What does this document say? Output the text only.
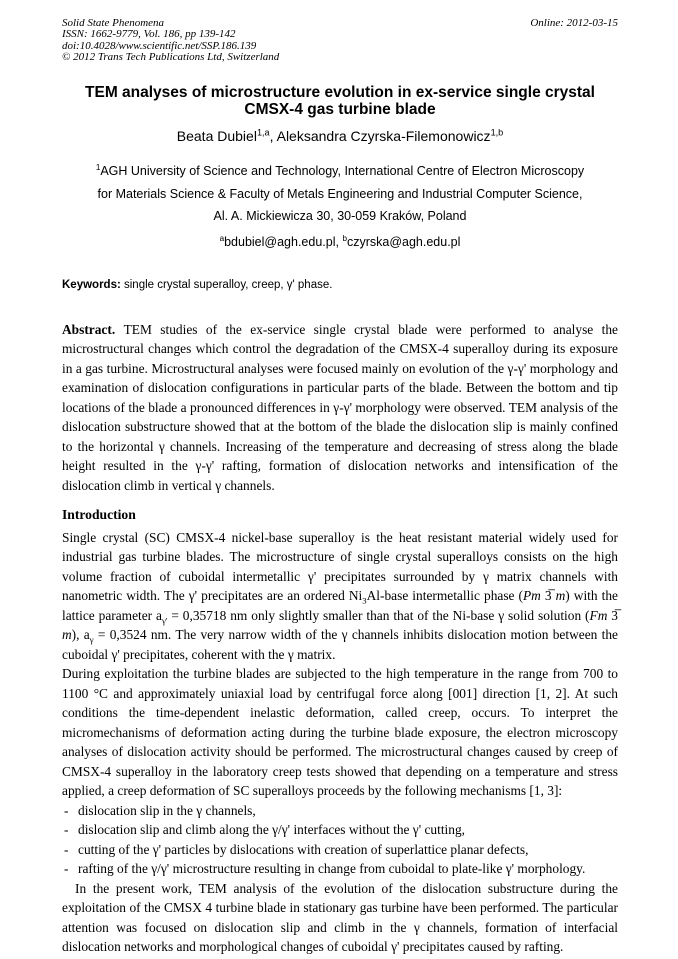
Solid State Phenomena
ISSN: 1662-9779, Vol. 186, pp 139-142
doi:10.4028/www.scientific.net/SSP.186.139
© 2012 Trans Tech Publications Ltd, Switzerland
Online: 2012-03-15
TEM analyses of microstructure evolution in ex-service single crystal
CMSX-4 gas turbine blade
Beata Dubiel$^{1,a}$, Aleksandra Czyrska-Filemonowicz$^{1,b}$
$^1$AGH University of Science and Technology, International Centre of Electron Microscopy
for Materials Science & Faculty of Metals Engineering and Industrial Computer Science,
Al. A. Mickiewicza 30, 30-059 Kraków, Poland
$^a$bdubiel@agh.edu.pl, $^b$czyrska@agh.edu.pl
Keywords: single crystal superalloy, creep, γ' phase.

Abstract. TEM studies of the ex-service single crystal blade were performed to analyse the microstructural changes which control the degradation of the CMSX-4 superalloy during its exposure in a gas turbine. Microstructural analyses were focused mainly on evolution of the γ-γ' morphology and examination of dislocation configurations in particular parts of the blade. Between the bottom and tip locations of the blade a pronounced differences in γ-γ' morphology were observed. TEM analysis of the dislocation substructure showed that at the bottom of the blade the dislocation slip is mainly confined to the horizontal γ channels. Increasing of the temperature and decreasing of stress along the blade height resulted in the γ-γ' rafting, formation of dislocation networks and intensification of the dislocation climb in vertical γ channels.

Introduction

Single crystal (SC) CMSX-4 nickel-base superalloy is the heat resistant material widely used for industrial gas turbine blades. The microstructure of single crystal superalloys consists on the high volume fraction of cuboidal intermetallic γ' precipitates surrounded by γ matrix channels with nanometric width. The γ' precipitates are an ordered $Ni_3Al$-base intermetallic phase (Pm 3̅ m) with the lattice parameter $a_{\gamma'} = 0,35718$ nm only slightly smaller than that of the Ni-base γ solid solution (Fm 3̅ m), $a_\gamma = 0,3524$ nm. The very narrow width of the γ channels inhibits dislocation motion between the cuboidal γ' precipitates, coherent with the γ matrix.

During exploitation the turbine blades are subjected to the high temperature in the range from 700 to 1100 °C and approximately uniaxial load by centrifugal force along [001] direction [1, 2]. At such conditions the time-dependent inelastic deformation, called creep, occurs. To interpret the micromechanisms of deformation acting during the turbine blade exposure, the electron microscopy analyses of dislocation activity should be performed. The microstructural changes caused by creep of CMSX-4 superalloy in the laboratory creep tests showed that depending on a temperature and stress applied, a creep deformation of SC superalloys proceeds by the following mechanisms [1, 3]:

- dislocation slip in the γ channels,
- dislocation slip and climb along the γ/γ' interfaces without the γ' cutting,
- cutting of the γ' particles by dislocations with creation of superlattice planar defects,
- rafting of the γ/γ' microstructure resulting in change from cuboidal to plate-like γ' morphology.

In the present work, TEM analysis of the evolution of the dislocation substructure during the exploitation of the CMSX 4 turbine blade in stationary gas turbine have been performed. The particular attention was focused on dislocation slip and climb in the γ channels, formation of interfacial dislocation networks and morphological changes of cuboidal γ' precipitates caused by rafting.
